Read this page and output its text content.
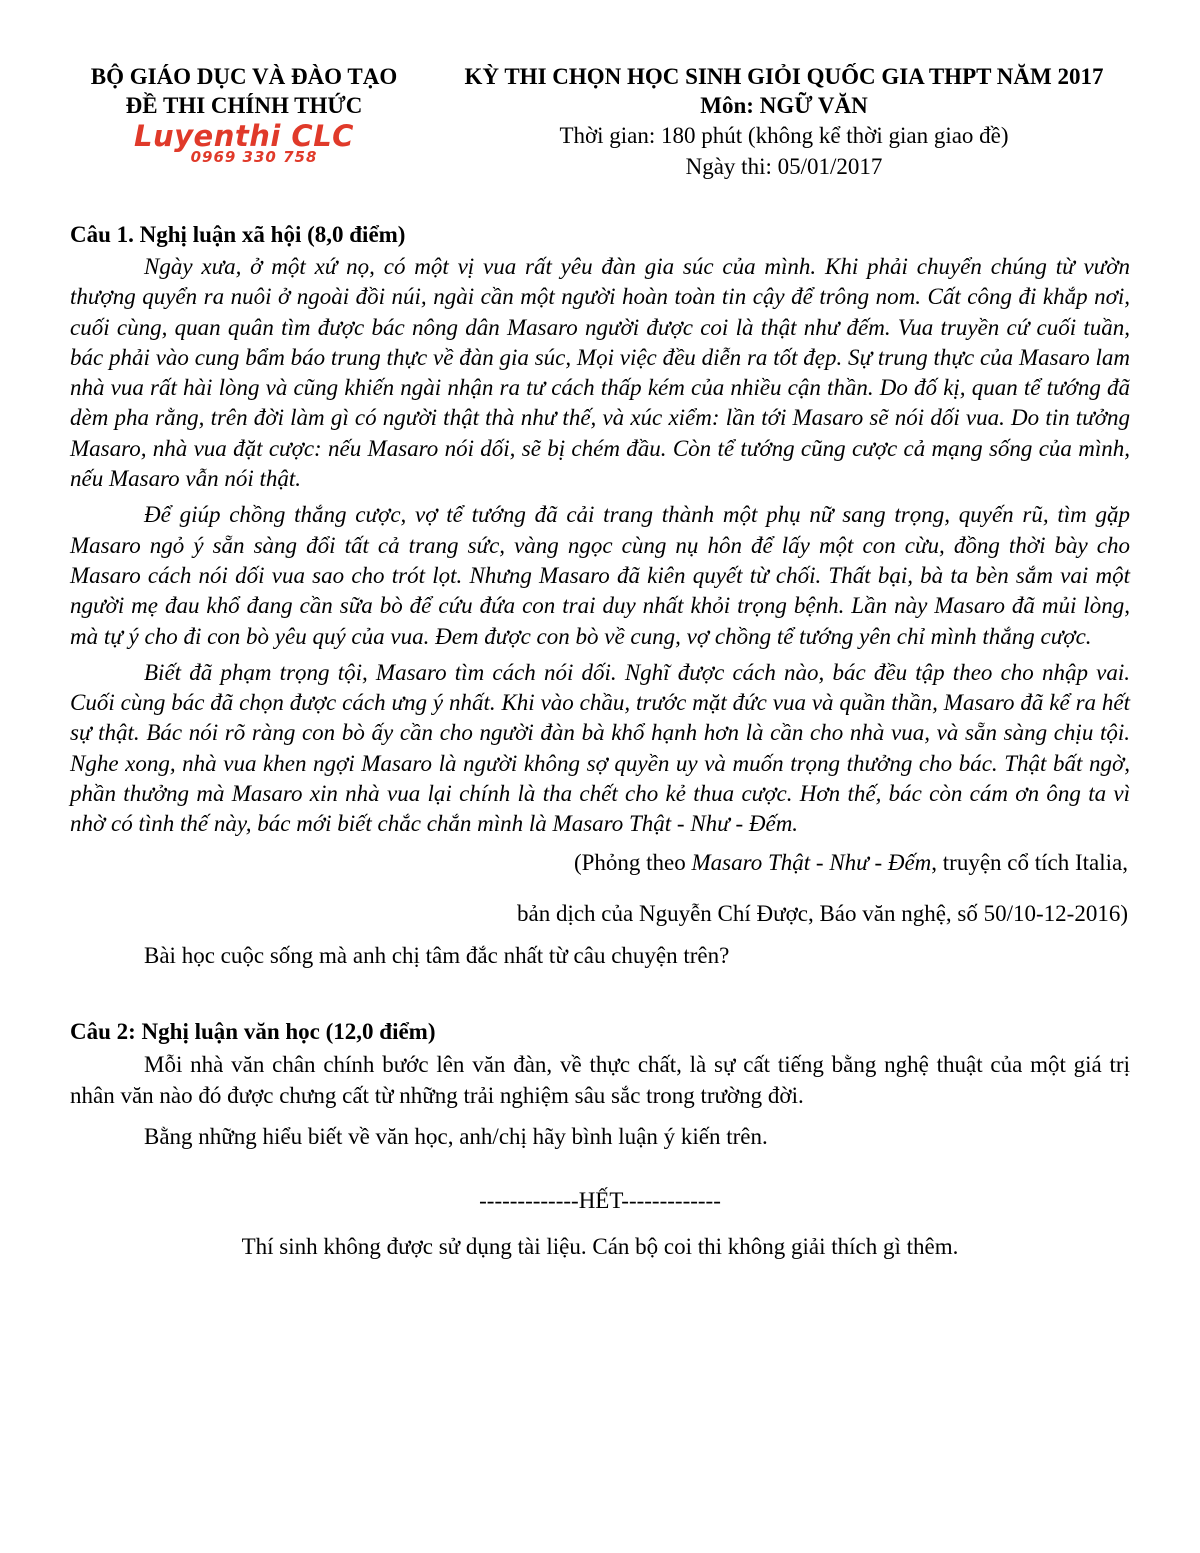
BỘ GIÁO DỤC VÀ ĐÀO TẠO
ĐỀ THI CHÍNH THỨC
Luyenthi CLC
0969 330 758
KỲ THI CHỌN HỌC SINH GIỎI QUỐC GIA THPT NĂM 2017
Môn: NGỮ VĂN
Thời gian: 180 phút (không kể thời gian giao đề)
Ngày thi: 05/01/2017
Câu 1. Nghị luận xã hội (8,0 điểm)

Ngày xưa, ở một xứ nọ, có một vị vua rất yêu đàn gia súc của mình. Khi phải chuyển chúng từ vườn thượng quyển ra nuôi ở ngoài đồi núi, ngài cần một người hoàn toàn tin cậy để trông nom. Cất công đi khắp nơi, cuối cùng, quan quân tìm được bác nông dân Masaro người được coi là thật như đếm. Vua truyền cứ cuối tuần, bác phải vào cung bẩm báo trung thực về đàn gia súc, Mọi việc đều diễn ra tốt đẹp. Sự trung thực của Masaro lam nhà vua rất hài lòng và cũng khiến ngài nhận ra tư cách thấp kém của nhiều cận thần. Do đố kị, quan tể tướng đã dèm pha rằng, trên đời làm gì có người thật thà như thế, và xúc xiểm: lần tới Masaro sẽ nói dối vua. Do tin tưởng Masaro, nhà vua đặt cược: nếu Masaro nói dối, sẽ bị chém đầu. Còn tể tướng cũng cược cả mạng sống của mình, nếu Masaro vẫn nói thật.

Để giúp chồng thắng cược, vợ tể tướng đã cải trang thành một phụ nữ sang trọng, quyến rũ, tìm gặp Masaro ngỏ ý sẵn sàng đổi tất cả trang sức, vàng ngọc cùng nụ hôn để lấy một con cừu, đồng thời bày cho Masaro cách nói dối vua sao cho trót lọt. Nhưng Masaro đã kiên quyết từ chối. Thất bại, bà ta bèn sắm vai một người mẹ đau khổ đang cần sữa bò để cứu đứa con trai duy nhất khỏi trọng bệnh. Lần này Masaro đã mủi lòng, mà tự ý cho đi con bò yêu quý của vua. Đem được con bò về cung, vợ chồng tể tướng yên chỉ mình thắng cược.

Biết đã phạm trọng tội, Masaro tìm cách nói dối. Nghĩ được cách nào, bác đều tập theo cho nhập vai. Cuối cùng bác đã chọn được cách ưng ý nhất. Khi vào chầu, trước mặt đức vua và quần thần, Masaro đã kể ra hết sự thật. Bác nói rõ ràng con bò ấy cần cho người đàn bà khổ hạnh hơn là cần cho nhà vua, và sẵn sàng chịu tội. Nghe xong, nhà vua khen ngợi Masaro là người không sợ quyền uy và muốn trọng thưởng cho bác. Thật bất ngờ, phần thưởng mà Masaro xin nhà vua lại chính là tha chết cho kẻ thua cược. Hơn thế, bác còn cám ơn ông ta vì nhờ có tình thế này, bác mới biết chắc chắn mình là Masaro Thật - Như - Đếm.

(Phỏng theo Masaro Thật - Như - Đếm, truyện cổ tích Italia,
bản dịch của Nguyễn Chí Được, Báo văn nghệ, số 50/10-12-2016)
Bài học cuộc sống mà anh chị tâm đắc nhất từ câu chuyện trên?
Câu 2: Nghị luận văn học (12,0 điểm)

Mỗi nhà văn chân chính bước lên văn đàn, về thực chất, là sự cất tiếng bằng nghệ thuật của một giá trị nhân văn nào đó được chưng cất từ những trải nghiệm sâu sắc trong trường đời.

Bằng những hiểu biết về văn học, anh/chị hãy bình luận ý kiến trên.

-------------HẾT-------------
Thí sinh không được sử dụng tài liệu. Cán bộ coi thi không giải thích gì thêm.
